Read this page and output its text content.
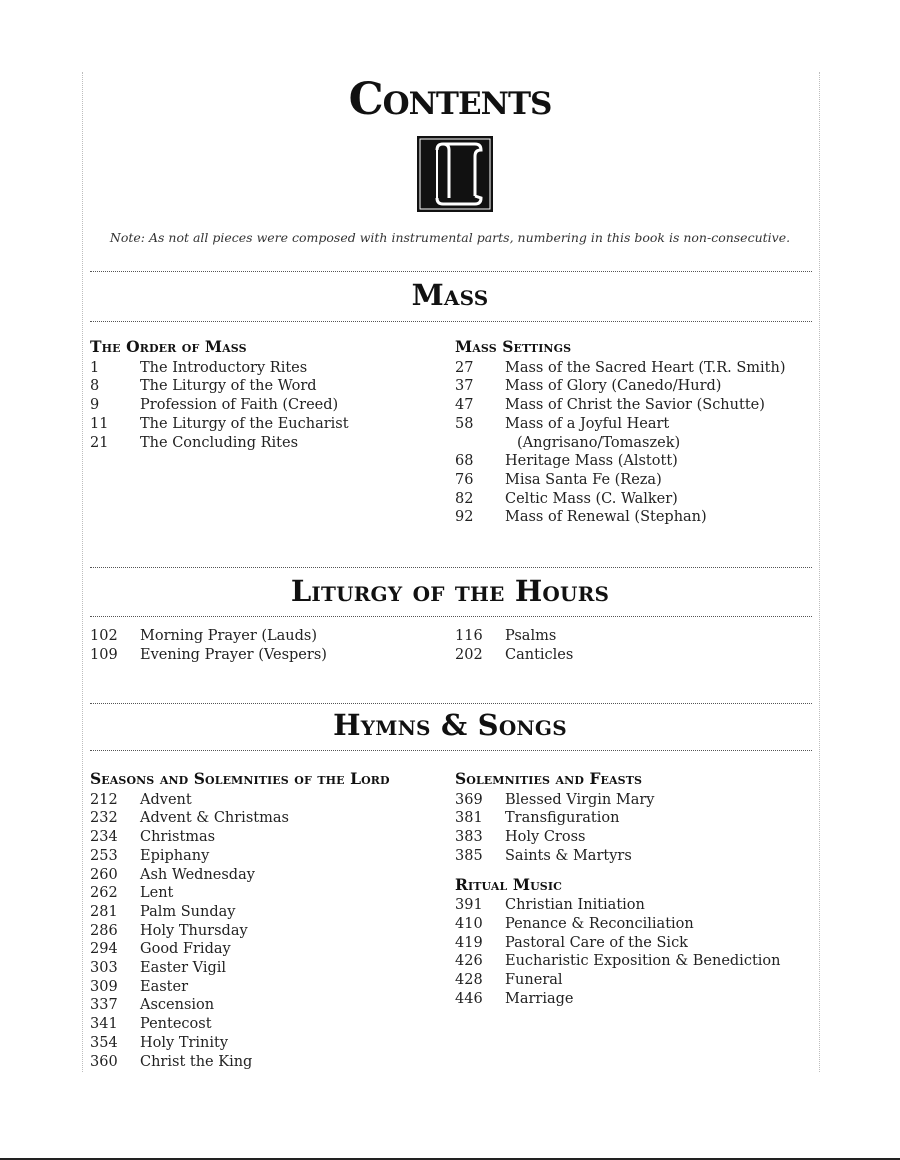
Contents
Note: As not all pieces were composed with instrumental parts, numbering in this book is non-consecutive.
Mass
The Order of Mass
1	The Introductory Rites
8	The Liturgy of the Word
9	Profession of Faith (Creed)
11	The Liturgy of the Eucharist
21	The Concluding Rites
Mass Settings
27	Mass of the Sacred Heart (T.R. Smith)
37	Mass of Glory (Canedo/Hurd)
47	Mass of Christ the Savior (Schutte)
58	Mass of a Joyful Heart
(Angrisano/Tomaszek)
68	Heritage Mass (Alstott)
76	Misa Santa Fe (Reza)
82	Celtic Mass (C. Walker)
92	Mass of Renewal (Stephan)
Liturgy of the Hours
102	Morning Prayer (Lauds)
109	Evening Prayer (Vespers)
116	Psalms
202	Canticles
Hymns & Songs
Seasons and Solemnities of the Lord
212	Advent
232	Advent & Christmas
234	Christmas
253	Epiphany
260	Ash Wednesday
262	Lent
281	Palm Sunday
286	Holy Thursday
294	Good Friday
303	Easter Vigil
309	Easter
337	Ascension
341	Pentecost
354	Holy Trinity
360	Christ the King
Solemnities and Feasts
369	Blessed Virgin Mary
381	Transfiguration
383	Holy Cross
385	Saints & Martyrs
Ritual Music
391	Christian Initiation
410	Penance & Reconciliation
419	Pastoral Care of the Sick
426	Eucharistic Exposition & Benediction
428	Funeral
446	Marriage
